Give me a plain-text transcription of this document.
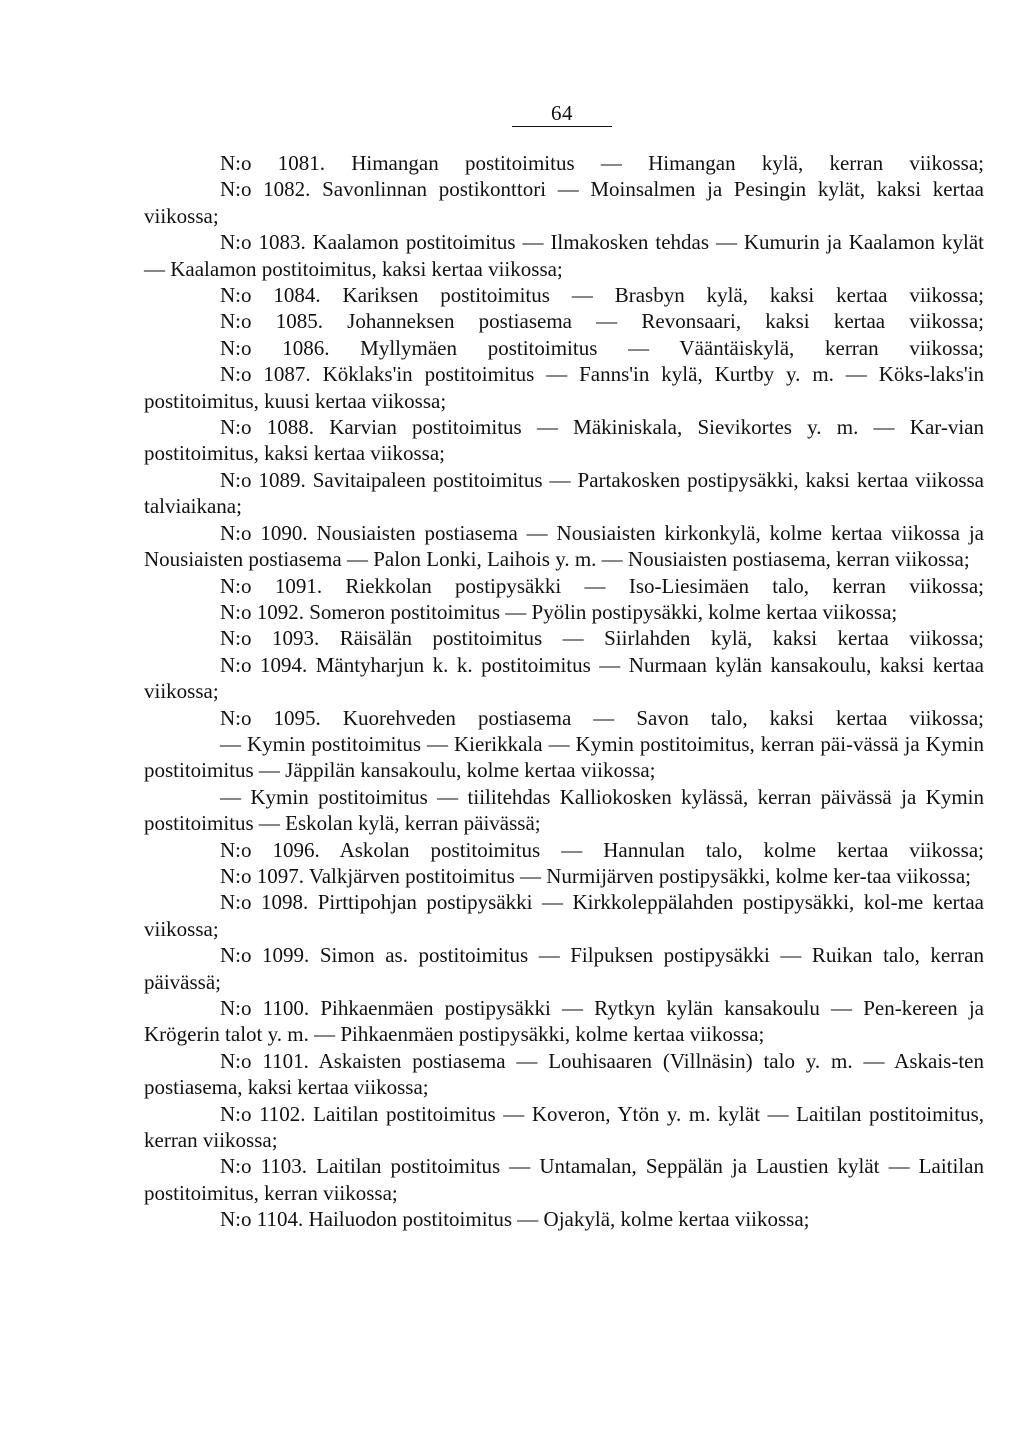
64

N:o 1081. Himangan postitoimitus — Himangan kylä, kerran viikossa;

N:o 1082. Savonlinnan postikonttori — Moinsalmen ja Pesingin kylät, kaksi kertaa viikossa;

N:o 1083. Kaalamon postitoimitus — Ilmakosken tehdas — Kumurin ja Kaalamon kylät — Kaalamon postitoimitus, kaksi kertaa viikossa;

N:o 1084. Kariksen postitoimitus — Brasbyn kylä, kaksi kertaa viikossa;

N:o 1085. Johanneksen postiasema — Revonsaari, kaksi kertaa viikossa;

N:o 1086. Myllymäen postitoimitus — Vääntäiskylä, kerran viikossa;

N:o 1087. Köklaks'in postitoimitus — Fanns'in kylä, Kurtby y. m. — Köks-laks'in postitoimitus, kuusi kertaa viikossa;

N:o 1088. Karvian postitoimitus — Mäkiniskala, Sievikortes y. m. — Kar-vian postitoimitus, kaksi kertaa viikossa;

N:o 1089. Savitaipaleen postitoimitus — Partakosken postipysäkki, kaksi kertaa viikossa talviaikana;

N:o 1090. Nousiaisten postiasema — Nousiaisten kirkonkylä, kolme kertaa viikossa ja Nousiaisten postiasema — Palon Lonki, Laihois y. m. — Nousiaisten postiasema, kerran viikossa;

N:o 1091. Riekkolan postipysäkki — Iso-Liesimäen talo, kerran viikossa;

N:o 1092. Someron postitoimitus — Pyölin postipysäkki, kolme kertaa viikossa;

N:o 1093. Räisälän postitoimitus — Siirlahden kylä, kaksi kertaa viikossa;

N:o 1094. Mäntyharjun k. k. postitoimitus — Nurmaan kylän kansakoulu, kaksi kertaa viikossa;

N:o 1095. Kuorehveden postiasema — Savon talo, kaksi kertaa viikossa;

— Kymin postitoimitus — Kierikkala — Kymin postitoimitus, kerran päi-vässä ja Kymin postitoimitus — Jäppilän kansakoulu, kolme kertaa viikossa;

— Kymin postitoimitus — tiilitehdas Kalliokosken kylässä, kerran päivässä ja Kymin postitoimitus — Eskolan kylä, kerran päivässä;

N:o 1096. Askolan postitoimitus — Hannulan talo, kolme kertaa viikossa;

N:o 1097. Valkjärven postitoimitus — Nurmijärven postipysäkki, kolme ker-taa viikossa;

N:o 1098. Pirttipohjan postipysäkki — Kirkkoleppälahden postipysäkki, kol-me kertaa viikossa;

N:o 1099. Simon as. postitoimitus — Filpuksen postipysäkki — Ruikan talo, kerran päivässä;

N:o 1100. Pihkaenmäen postipysäkki — Rytkyn kylän kansakoulu — Pen-kereen ja Krögerin talot y. m. — Pihkaenmäen postipysäkki, kolme kertaa viikossa;

N:o 1101. Askaisten postiasema — Louhisaaren (Villnäsin) talo y. m. — Askais-ten postiasema, kaksi kertaa viikossa;

N:o 1102. Laitilan postitoimitus — Koveron, Ytön y. m. kylät — Laitilan postitoimitus, kerran viikossa;

N:o 1103. Laitilan postitoimitus — Untamalan, Seppälän ja Laustien kylät — Laitilan postitoimitus, kerran viikossa;

N:o 1104. Hailuodon postitoimitus — Ojakylä, kolme kertaa viikossa;
